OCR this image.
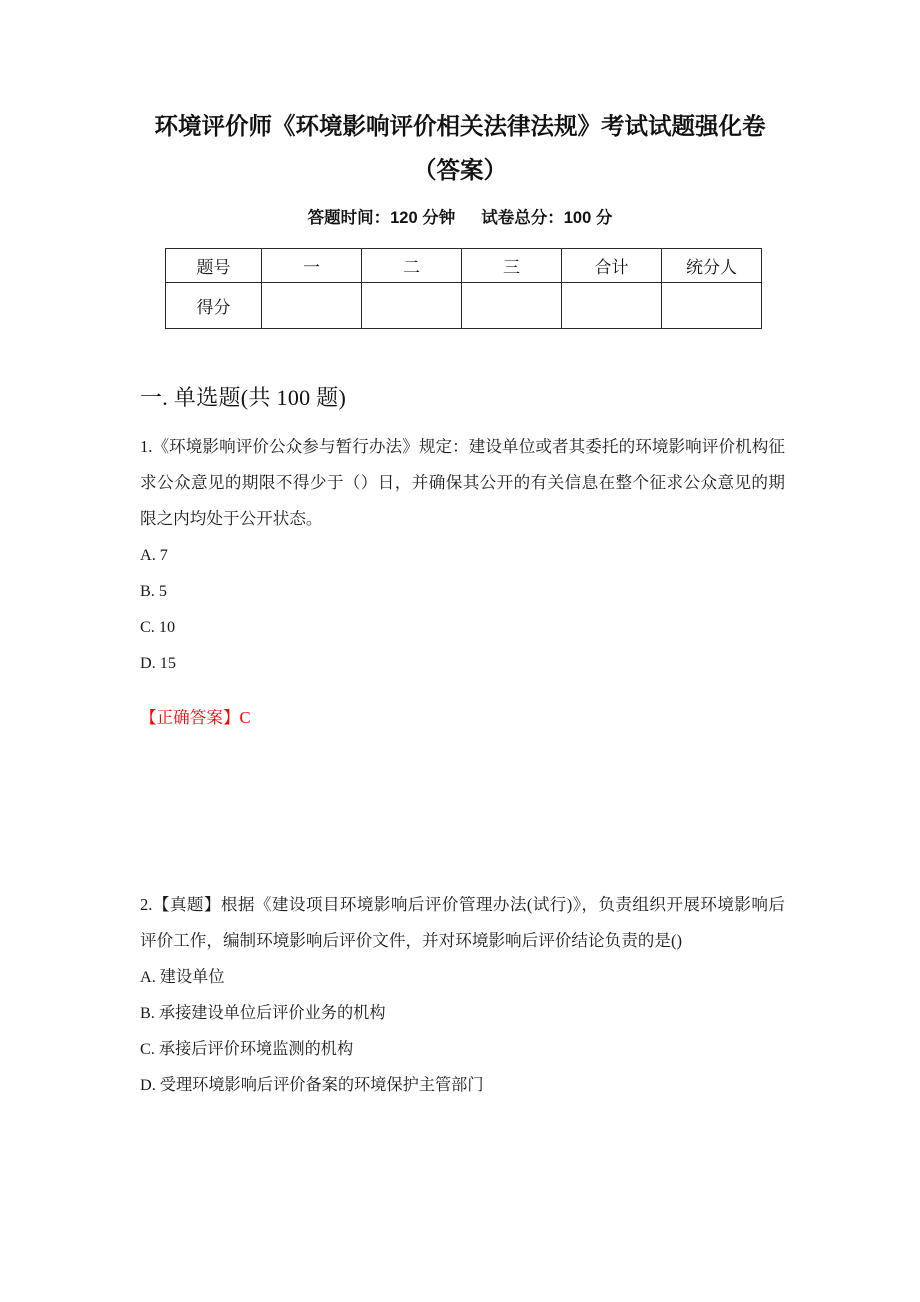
环境评价师《环境影响评价相关法律法规》考试试题强化卷（答案）
答题时间：120 分钟 试卷总分：100 分
题号	一	二	三	合计	统分人
得分					
一. 单选题(共 100 题)

1.《环境影响评价公众参与暂行办法》规定：建设单位或者其委托的环境影响评价机构征求公众意见的期限不得少于（）日，并确保其公开的有关信息在整个征求公众意见的期限之内均处于公开状态。

A. 7

B. 5

C. 10

D. 15

【正确答案】C

2.【真题】根据《建设项目环境影响后评价管理办法(试行)》，负责组织开展环境影响后评价工作，编制环境影响后评价文件，并对环境影响后评价结论负责的是()

A. 建设单位

B. 承接建设单位后评价业务的机构

C. 承接后评价环境监测的机构

D. 受理环境影响后评价备案的环境保护主管部门
